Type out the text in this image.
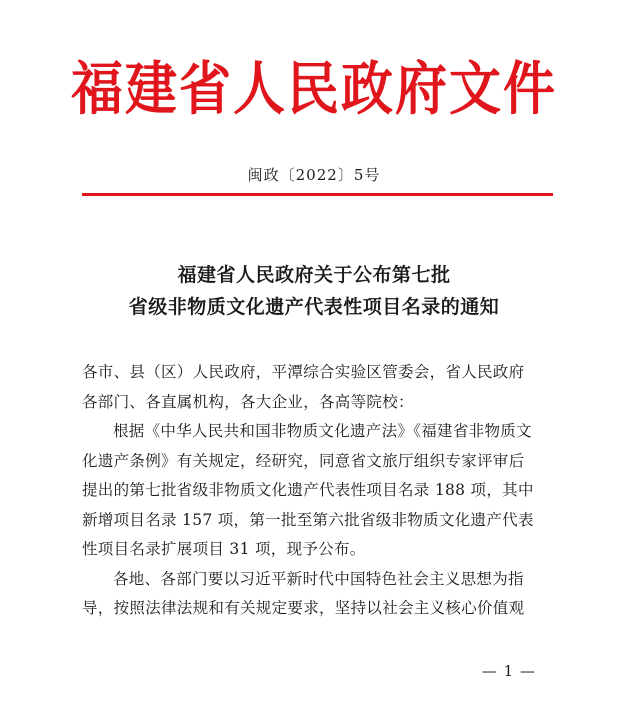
福建省人民政府文件
闽政〔2022〕5号
福建省人民政府关于公布第七批
省级非物质文化遗产代表性项目名录的通知
各市、县（区）人民政府，平潭综合实验区管委会，省人民政府
各部门、各直属机构，各大企业，各高等院校：
根据《中华人民共和国非物质文化遗产法》《福建省非物质文
化遗产条例》有关规定，经研究，同意省文旅厅组织专家评审后
提出的第七批省级非物质文化遗产代表性项目名录 188 项，其中
新增项目名录 157 项，第一批至第六批省级非物质文化遗产代表
性项目名录扩展项目 31 项，现予公布。
各地、各部门要以习近平新时代中国特色社会主义思想为指
导，按照法律法规和有关规定要求，坚持以社会主义核心价值观
— 1 —
